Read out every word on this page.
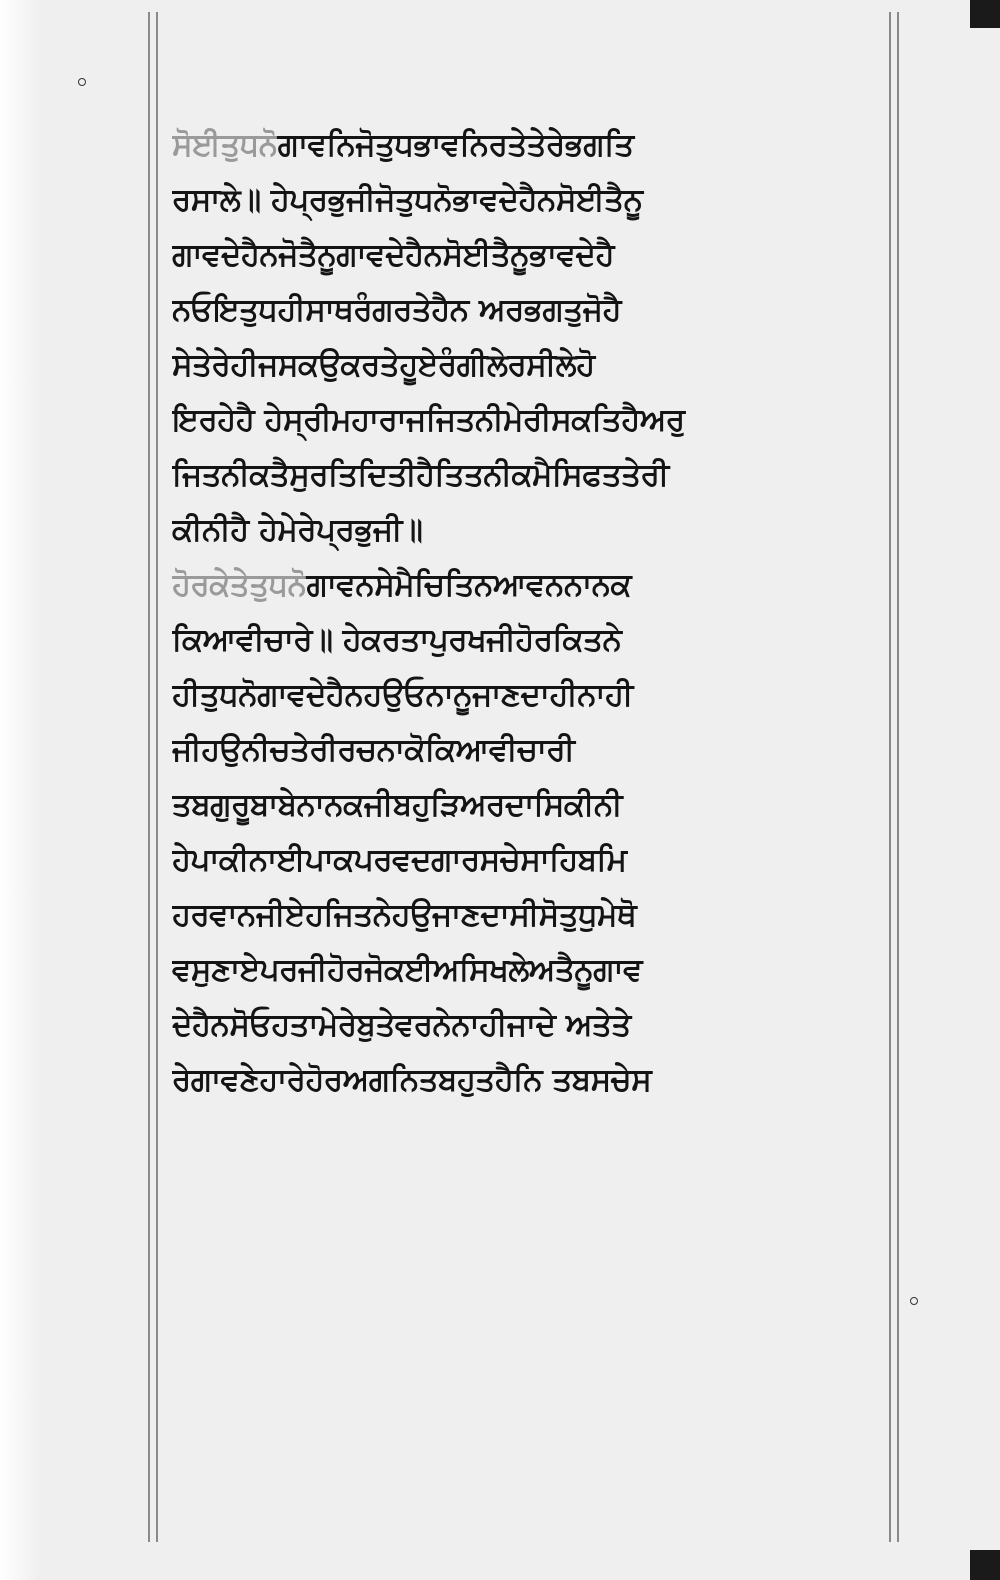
ਸੋਈਤੁਧਨੋਗਾਵਨਿਜੋਤੁਧਭਾਵਨਿਰਤੇਤੇਰੇਭਗਤਿ
ਰਸਾਲੇ॥ ਹੇਪ੍ਰਭੁਜੀਜੋਤੁਧਨੋਭਾਵਦੇਹੈਨਸੋਈਤੈਨੂ
ਗਾਵਦੇਹੈਨਜੋਤੈਨੂਗਾਵਦੇਹੈਨਸੋਈਤੈਨੂਭਾਵਦੇਹੈ
ਨਓਇਤੁਧਹੀਸਾਥਰੰਗਰਤੇਹੈਨ ਅਰਭਗਤੁਜੋਹੈ
ਸੇਤੇਰੇਹੀਜਸਕਉਕਰਤੇਹੂਏਰੰਗੀਲੇਰਸੀਲੇਹੋ
ਇਰਹੇਹੈ ਹੇਸ੍ਰੀਮਹਾਰਾਜਜਿਤਨੀਮੇਰੀਸਕਤਿਹੈਅਰੁ
ਜਿਤਨੀਕਤੈਸੁਰਤਿਦਿਤੀਹੈਤਿਤਨੀਕਮੈਸਿਫਤਤੇਰੀ
ਕੀਨੀਹੈ ਹੇਮੇਰੇਪ੍ਰਭੁਜੀ॥
ਹੋਰਕੇਤੇਤੁਧਨੋਗਾਵਨਸੇਮੈਚਿਤਿਨਆਵਨਨਾਨਕ
ਕਿਆਵੀਚਾਰੇ॥ ਹੇਕਰਤਾਪੁਰਖਜੀਹੋਰਕਿਤਨੇ
ਹੀਤੁਧਨੋਗਾਵਦੇਹੈਨਹਉਓਨਾਨੂਜਾਣਦਾਹੀਨਾਹੀ
ਜੀਹਉਨੀਚਤੇਰੀਰਚਨਾਕੋਕਿਆਵੀਚਾਰੀ
ਤਬਗੁਰੂਬਾਬੇਨਾਨਕਜੀਬਹੁੜਿਅਰਦਾਸਿਕੀਨੀ
ਹੇਪਾਕੀਨਾਈਪਾਕਪਰਵਦਗਾਰਸਚੇਸਾਹਿਬਮਿ
ਹਰਵਾਨਜੀਏਹਜਿਤਨੇਹਉਜਾਣਦਾਸੀਸੋਤੁਧੁਮੇਥੋ
ਵਸੁਣਾਏਪਰਜੀਹੋਰਜੋਕਈਅਸਿਖਲੇਅਤੈਨੂਗਾਵ
ਦੇਹੈਨਸੋਓਹਤਾਮੇਰੇਬੁਤੇਵਰਨੇਨਾਹੀਜਾਦੇ ਅਤੇਤੇ
ਰੇਗਾਵਣੇਹਾਰੇਹੋਰਅਗਨਿਤਬਹੁਤਹੈਨਿ ਤਬਸਚੇਸ
